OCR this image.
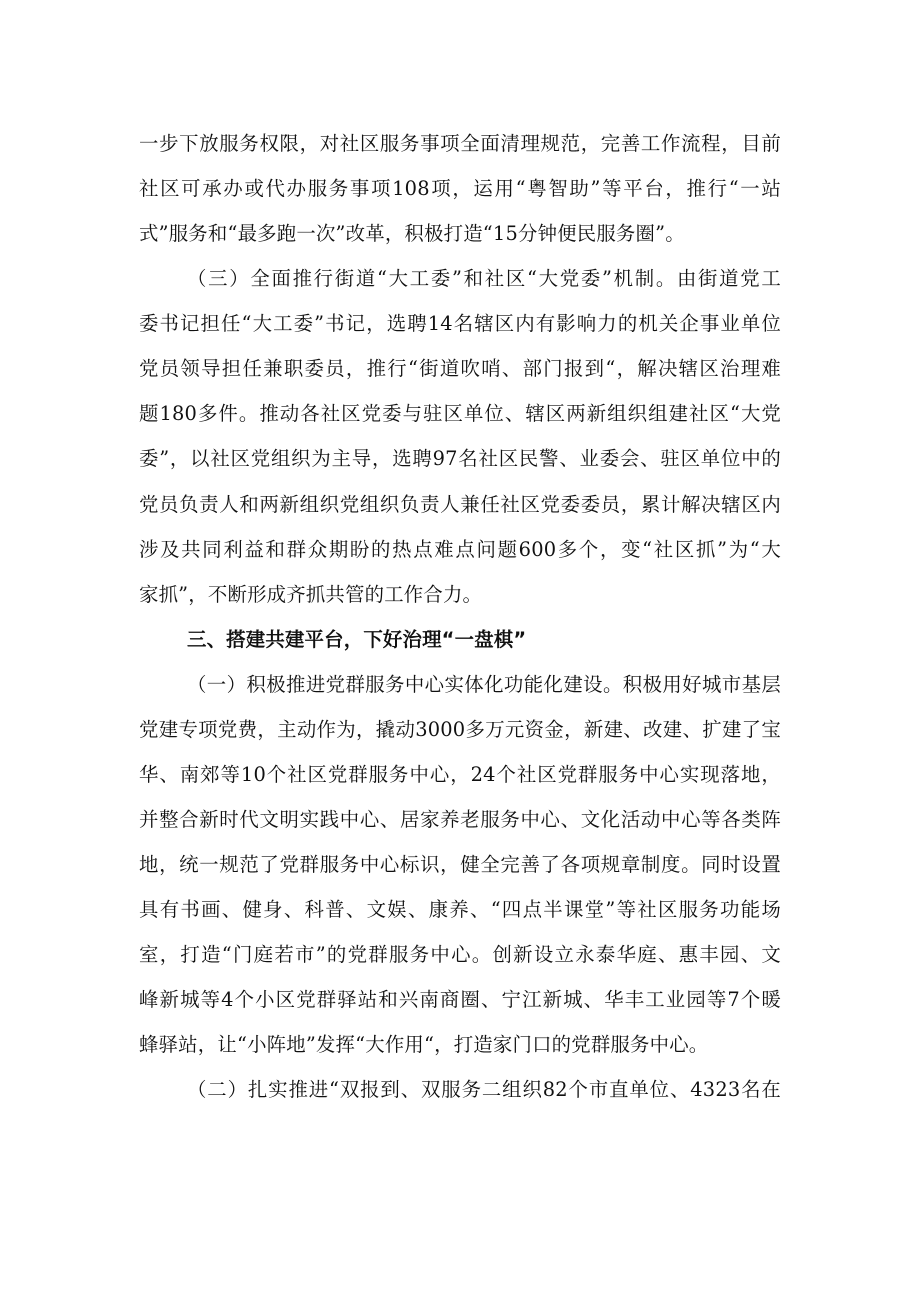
一步下放服务权限，对社区服务事项全面清理规范，完善工作流程，目前
社区可承办或代办服务事项108项，运用“粤智助”等平台，推行“一站
式”服务和“最多跑一次”改革，积极打造“15分钟便民服务圈”。
（三）全面推行街道“大工委”和社区“大党委”机制。由街道党工
委书记担任“大工委”书记，选聘14名辖区内有影响力的机关企事业单位
党员领导担任兼职委员，推行“街道吹哨、部门报到“，解决辖区治理难
题180多件。推动各社区党委与驻区单位、辖区两新组织组建社区“大党
委”，以社区党组织为主导，选聘97名社区民警、业委会、驻区单位中的
党员负责人和两新组织党组织负责人兼任社区党委委员，累计解决辖区内
涉及共同利益和群众期盼的热点难点问题600多个，变“社区抓”为“大
家抓”，不断形成齐抓共管的工作合力。
三、搭建共建平台，下好治理“一盘棋”
（一）积极推进党群服务中心实体化功能化建设。积极用好城市基层
党建专项党费，主动作为，撬动3000多万元资金，新建、改建、扩建了宝
华、南郊等10个社区党群服务中心，24个社区党群服务中心实现落地，
并整合新时代文明实践中心、居家养老服务中心、文化活动中心等各类阵
地，统一规范了党群服务中心标识，健全完善了各项规章制度。同时设置
具有书画、健身、科普、文娱、康养、“四点半课堂”等社区服务功能场
室，打造“门庭若市”的党群服务中心。创新设立永泰华庭、惠丰园、文
峰新城等4个小区党群驿站和兴南商圈、宁江新城、华丰工业园等7个暖
蜂驿站，让“小阵地”发挥“大作用“，打造家门口的党群服务中心。
（二）扎实推进“双报到、双服务二组织82个市直单位、4323名在
